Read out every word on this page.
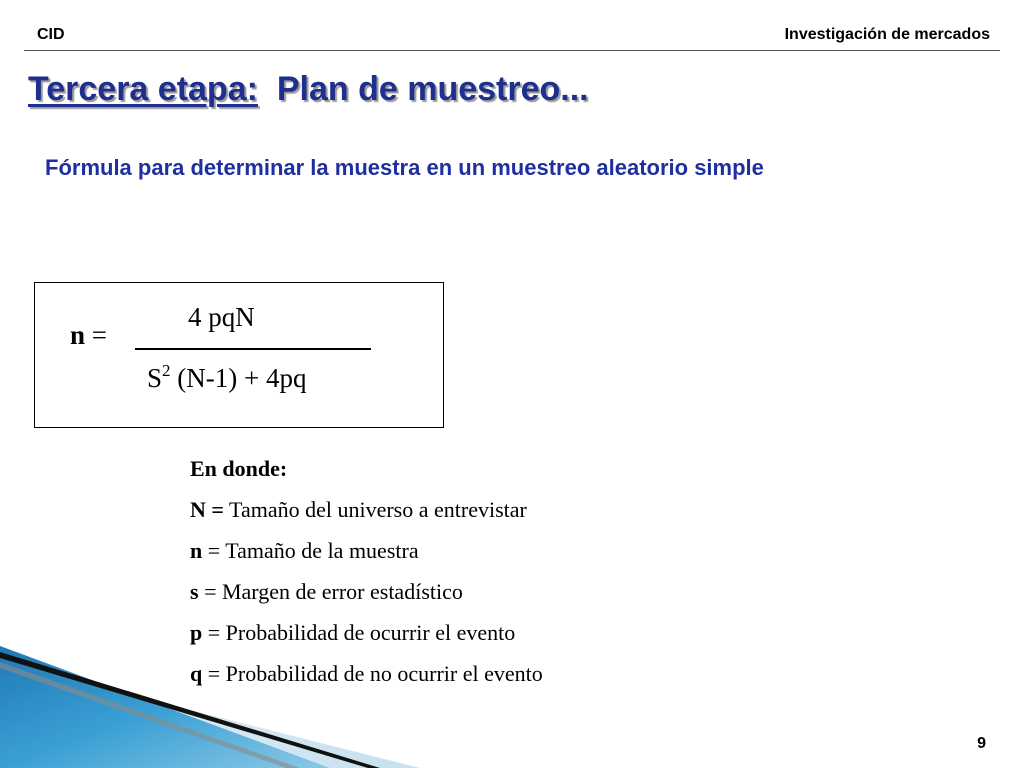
CID	Investigación de mercados
Tercera etapa: Plan de muestreo...
Fórmula para determinar la muestra en un muestreo aleatorio simple
4 pqN
n =
$S^2$ (N-1) + 4pq
En donde:
N = Tamaño del universo a entrevistar
n = Tamaño de la muestra
s = Margen de error estadístico
p = Probabilidad de ocurrir el evento
q = Probabilidad de no ocurrir el evento
9
